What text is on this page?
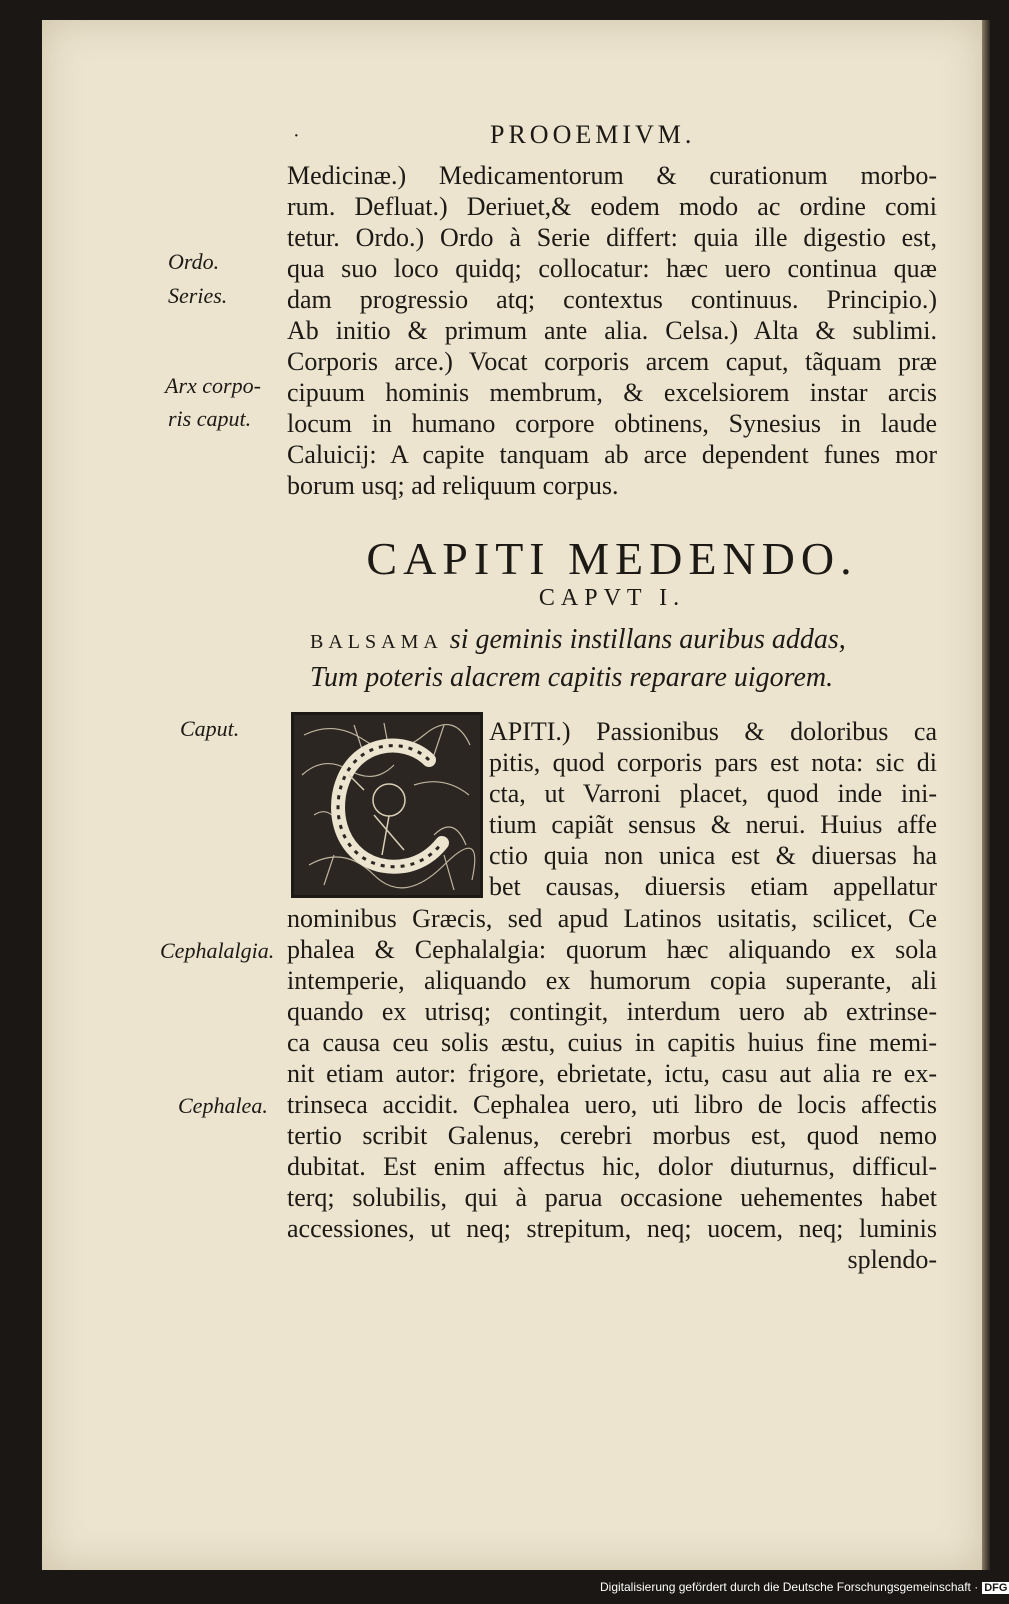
·	PROOEMIVM.
Ordo.
Series.
Arx corpo-
ris caput.
Caput.
Cephalalgia.
Cephalea.
Medicinæ.) Medicamentorum & curationum morbo-
rum. Defluat.) Deriuet,& eodem modo ac ordine comi
tetur. Ordo.) Ordo à Serie differt: quia ille digestio est,
qua suo loco quidq; collocatur: hæc uero continua quæ
dam progressio atq; contextus continuus. Principio.)
Ab initio & primum ante alia. Celsa.) Alta & sublimi.
Corporis arce.) Vocat corporis arcem caput, tãquam præ
cipuum hominis membrum, & excelsiorem instar arcis
locum in humano corpore obtinens, Synesius in laude
Caluicij: A capite tanquam ab arce dependent funes mor
borum usq; ad reliquum corpus.
CAPITI MEDENDO.
CAPVT I.
BALSAMA si geminis instillans auribus addas,
Tum poteris alacrem capitis reparare uigorem.
APITI.) Passionibus & doloribus ca
pitis, quod corporis pars est nota: sic di
cta, ut Varroni placet, quod inde ini-
tium capiãt sensus & nerui. Huius affe
ctio quia non unica est & diuersas ha
bet causas, diuersis etiam appellatur
nominibus Græcis, sed apud Latinos usitatis, scilicet, Ce
phalea & Cephalalgia: quorum hæc aliquando ex sola
intemperie, aliquando ex humorum copia superante, ali
quando ex utrisq; contingit, interdum uero ab extrinse-
ca causa ceu solis æstu, cuius in capitis huius fine memi-
nit etiam autor: frigore, ebrietate, ictu, casu aut alia re ex-
trinseca accidit. Cephalea uero, uti libro de locis affectis
tertio scribit Galenus, cerebri morbus est, quod nemo
dubitat. Est enim affectus hic, dolor diuturnus, difficul-
terq; solubilis, qui à parua occasione uehementes habet
accessiones, ut neq; strepitum, neq; uocem, neq; luminis
splendo-
Digitalisierung gefördert durch die Deutsche Forschungsgemeinschaft · DFG
